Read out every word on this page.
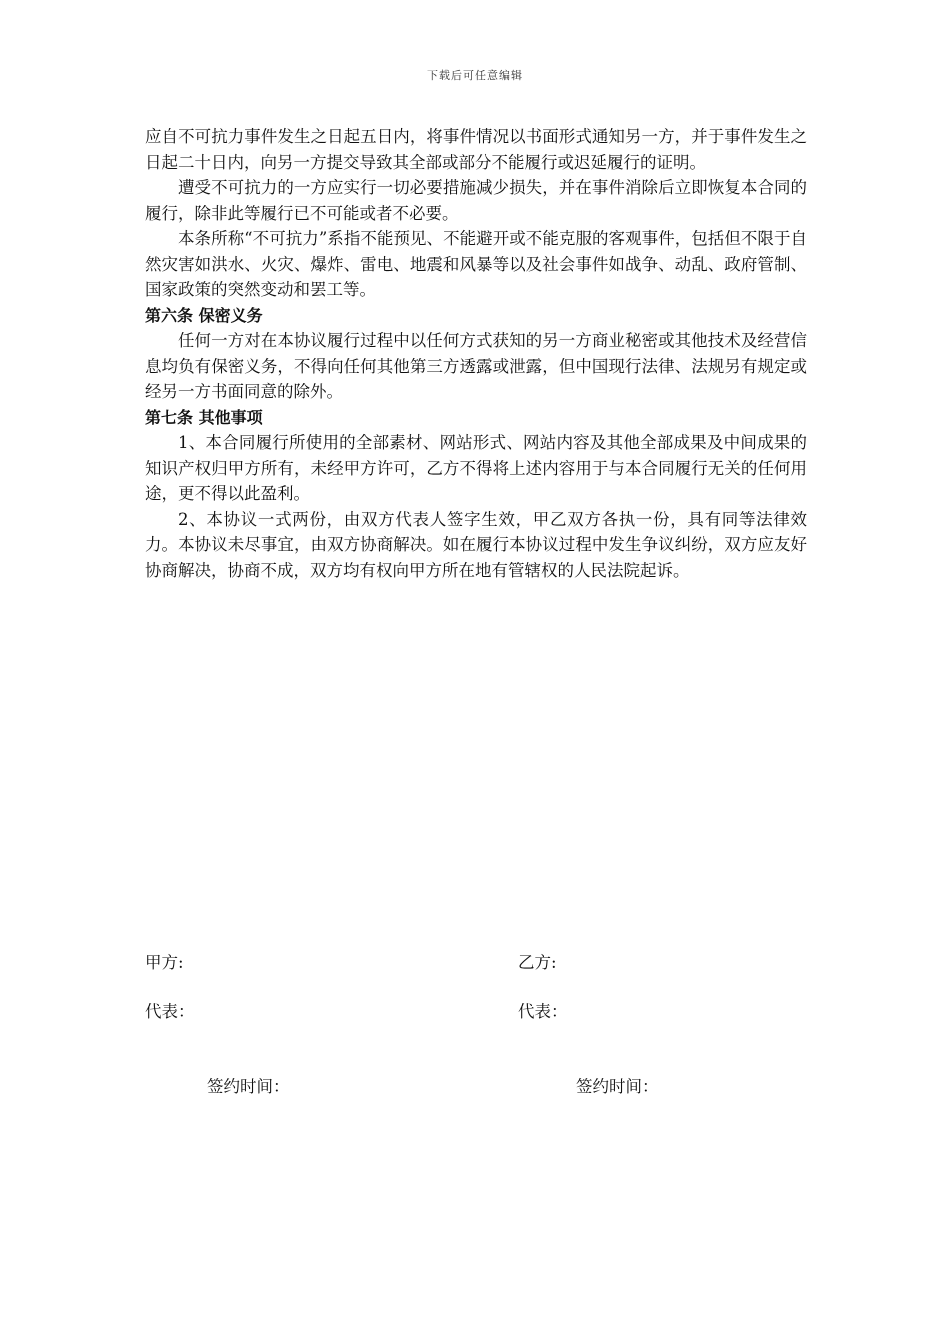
下载后可任意编辑

应自不可抗力事件发生之日起五日内，将事件情况以书面形式通知另一方，并于事件发生之日起二十日内，向另一方提交导致其全部或部分不能履行或迟延履行的证明。

遭受不可抗力的一方应实行一切必要措施减少损失，并在事件消除后立即恢复本合同的履行，除非此等履行已不可能或者不必要。

本条所称“不可抗力”系指不能预见、不能避开或不能克服的客观事件，包括但不限于自然灾害如洪水、火灾、爆炸、雷电、地震和风暴等以及社会事件如战争、动乱、政府管制、国家政策的突然变动和罢工等。

第六条 保密义务

任何一方对在本协议履行过程中以任何方式获知的另一方商业秘密或其他技术及经营信息均负有保密义务，不得向任何其他第三方透露或泄露，但中国现行法律、法规另有规定或经另一方书面同意的除外。

第七条 其他事项

1、本合同履行所使用的全部素材、网站形式、网站内容及其他全部成果及中间成果的知识产权归甲方所有，未经甲方许可，乙方不得将上述内容用于与本合同履行无关的任何用途，更不得以此盈利。

2、本协议一式两份，由双方代表人签字生效，甲乙双方各执一份，具有同等法律效力。本协议未尽事宜，由双方协商解决。如在履行本协议过程中发生争议纠纷，双方应友好协商解决，协商不成，双方均有权向甲方所在地有管辖权的人民法院起诉。

甲方:	乙方:
代表：	代表：
签约时间：	签约时间：
